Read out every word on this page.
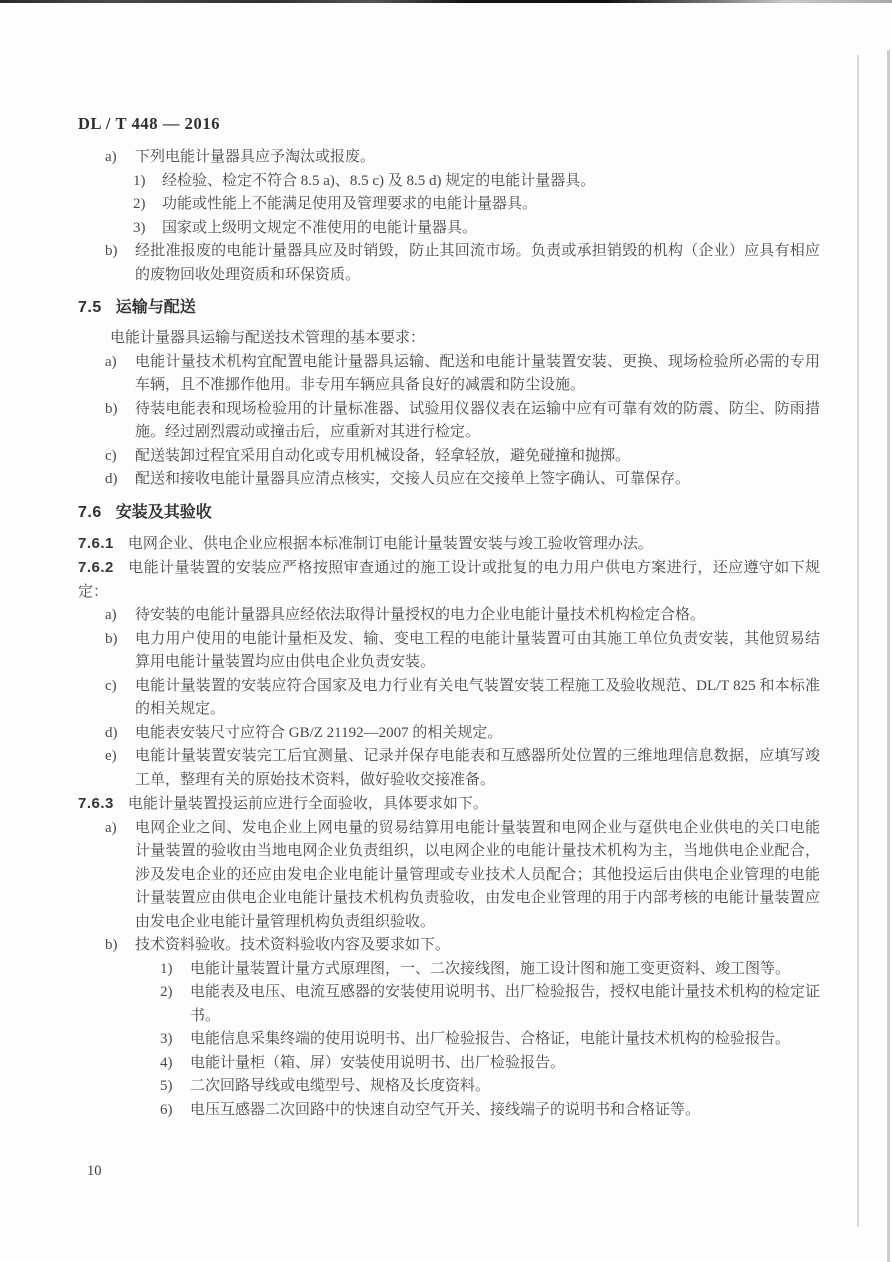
DL / T 448 — 2016
a)	下列电能计量器具应予淘汰或报废。
1)	经检验、检定不符合 8.5 a)、8.5 c) 及 8.5 d) 规定的电能计量器具。
2)	功能或性能上不能满足使用及管理要求的电能计量器具。
3)	国家或上级明文规定不准使用的电能计量器具。
b)	经批准报废的电能计量器具应及时销毁，防止其回流市场。负责或承担销毁的机构（企业）应具有相应的废物回收处理资质和环保资质。
7.5 运输与配送

电能计量器具运输与配送技术管理的基本要求：

a)	电能计量技术机构宜配置电能计量器具运输、配送和电能计量装置安装、更换、现场检验所必需的专用车辆，且不准挪作他用。非专用车辆应具备良好的减震和防尘设施。
b)	待装电能表和现场检验用的计量标准器、试验用仪器仪表在运输中应有可靠有效的防震、防尘、防雨措施。经过剧烈震动或撞击后，应重新对其进行检定。
c)	配送装卸过程宜采用自动化或专用机械设备，轻拿轻放，避免碰撞和抛掷。
d)	配送和接收电能计量器具应清点核实，交接人员应在交接单上签字确认、可靠保存。
7.6 安装及其验收

7.6.1 电网企业、供电企业应根据本标准制订电能计量装置安装与竣工验收管理办法。

7.6.2 电能计量装置的安装应严格按照审查通过的施工设计或批复的电力用户供电方案进行，还应遵守如下规定：

a)	待安装的电能计量器具应经依法取得计量授权的电力企业电能计量技术机构检定合格。
b)	电力用户使用的电能计量柜及发、输、变电工程的电能计量装置可由其施工单位负责安装，其他贸易结算用电能计量装置均应由供电企业负责安装。
c)	电能计量装置的安装应符合国家及电力行业有关电气装置安装工程施工及验收规范、DL/T 825 和本标准的相关规定。
d)	电能表安装尺寸应符合 GB/Z 21192—2007 的相关规定。
e)	电能计量装置安装完工后宜测量、记录并保存电能表和互感器所处位置的三维地理信息数据，应填写竣工单，整理有关的原始技术资料，做好验收交接准备。

7.6.3 电能计量装置投运前应进行全面验收，具体要求如下。

a)	电网企业之间、发电企业上网电量的贸易结算用电能计量装置和电网企业与趸供电企业供电的关口电能计量装置的验收由当地电网企业负责组织，以电网企业的电能计量技术机构为主，当地供电企业配合，涉及发电企业的还应由发电企业电能计量管理或专业技术人员配合；其他投运后由供电企业管理的电能计量装置应由供电企业电能计量技术机构负责验收，由发电企业管理的用于内部考核的电能计量装置应由发电企业电能计量管理机构负责组织验收。
b)	技术资料验收。技术资料验收内容及要求如下。
1)	电能计量装置计量方式原理图，一、二次接线图，施工设计图和施工变更资料、竣工图等。
2)	电能表及电压、电流互感器的安装使用说明书、出厂检验报告，授权电能计量技术机构的检定证书。
3)	电能信息采集终端的使用说明书、出厂检验报告、合格证，电能计量技术机构的检验报告。
4)	电能计量柜（箱、屏）安装使用说明书、出厂检验报告。
5)	二次回路导线或电缆型号、规格及长度资料。
6)	电压互感器二次回路中的快速自动空气开关、接线端子的说明书和合格证等。
10
